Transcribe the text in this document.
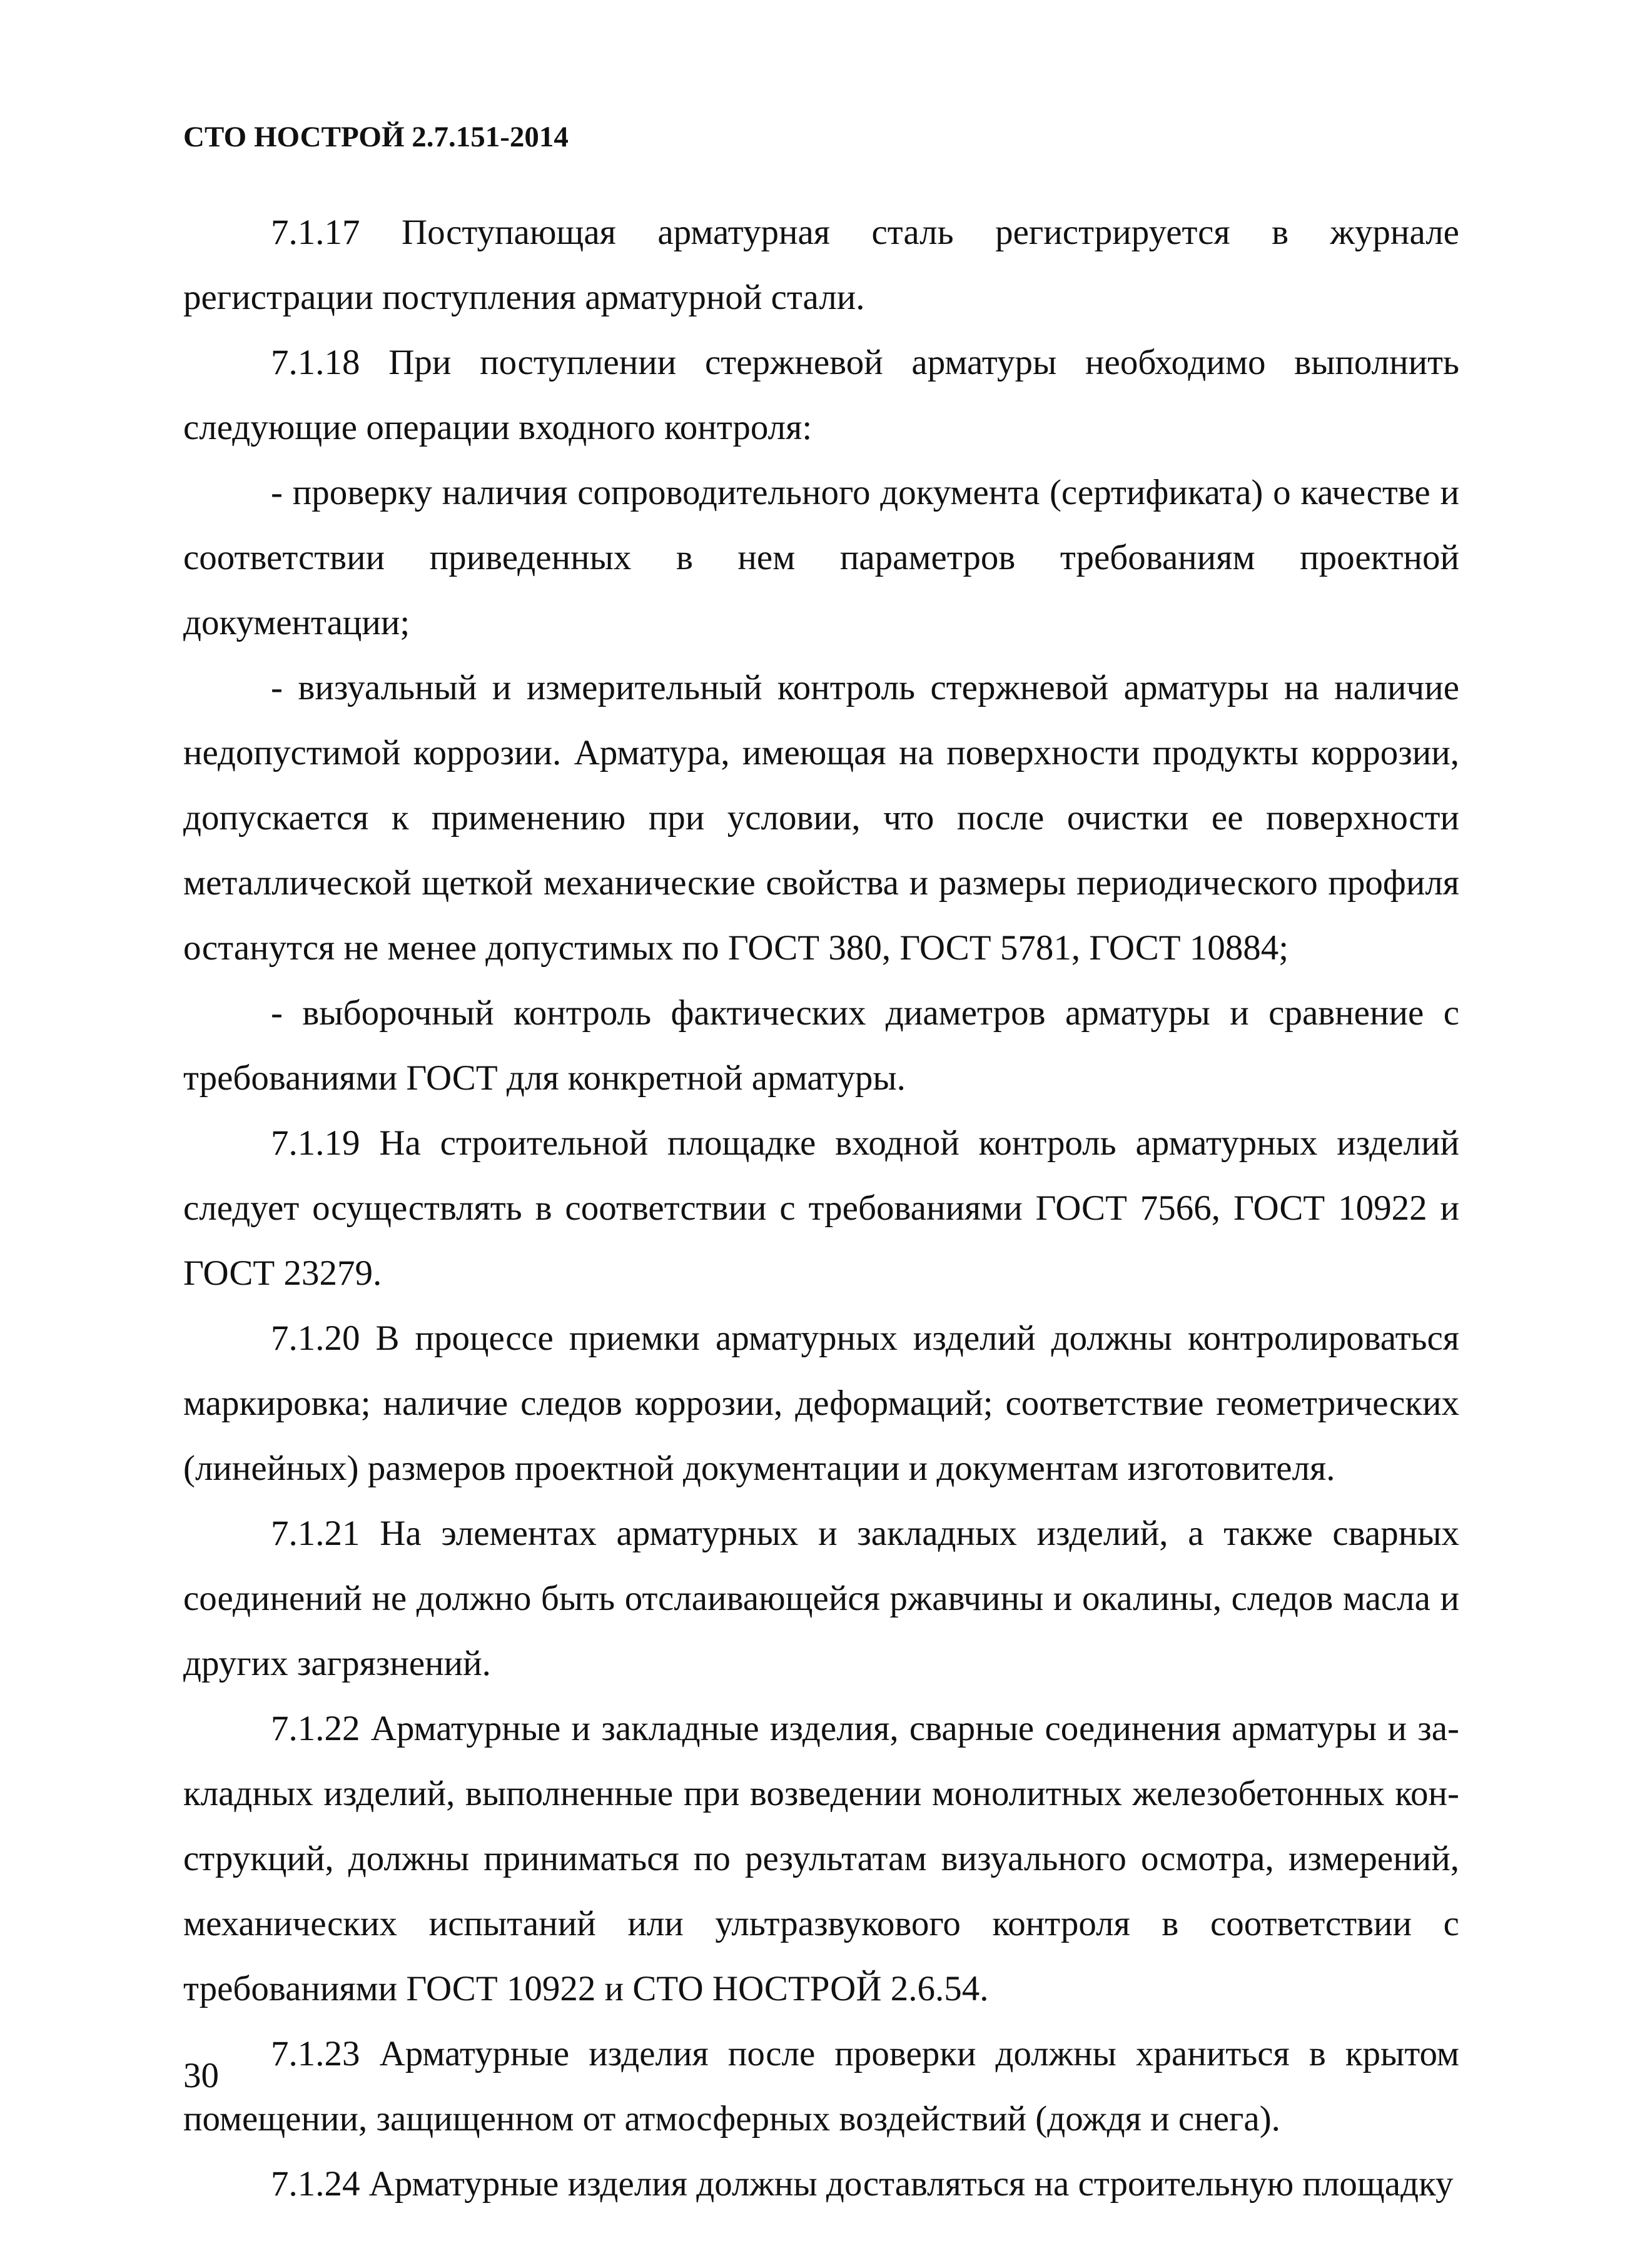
СТО НОСТРОЙ 2.7.151-2014

7.1.17 Поступающая арматурная сталь регистрируется в журнале регистрации поступления арматурной стали.

7.1.18 При поступлении стержневой арматуры необходимо выполнить следующие операции входного контроля:

- проверку наличия сопроводительного документа (сертификата) о качестве и соответствии приведенных в нем параметров требованиям проектной документации;

- визуальный и измерительный контроль стержневой арматуры на наличие недопустимой коррозии. Арматура, имеющая на поверхности продукты коррозии, допускается к применению при условии, что после очистки ее поверхности металлической щеткой механические свойства и размеры периодического профиля останутся не менее допустимых по ГОСТ 380, ГОСТ 5781, ГОСТ 10884;

- выборочный контроль фактических диаметров арматуры и сравнение с требованиями ГОСТ для конкретной арматуры.

7.1.19 На строительной площадке входной контроль арматурных изделий следует осуществлять в соответствии с требованиями ГОСТ 7566, ГОСТ 10922 и ГОСТ 23279.

7.1.20 В процессе приемки арматурных изделий должны контролироваться маркировка; наличие следов коррозии, деформаций; соответствие геометрических (линейных) размеров проектной документации и документам изготовителя.

7.1.21 На элементах арматурных и закладных изделий, а также сварных соединений не должно быть отслаивающейся ржавчины и окалины, следов масла и других загрязнений.

7.1.22 Арматурные и закладные изделия, сварные соединения арматуры и закладных изделий, выполненные при возведении монолитных железобетонных конструкций, должны приниматься по результатам визуального осмотра, измерений, механических испытаний или ультразвукового контроля в соответствии с требованиями ГОСТ 10922 и СТО НОСТРОЙ 2.6.54.

7.1.23 Арматурные изделия после проверки должны храниться в крытом помещении, защищенном от атмосферных воздействий (дождя и снега).

7.1.24 Арматурные изделия должны доставляться на строительную площадку

30
